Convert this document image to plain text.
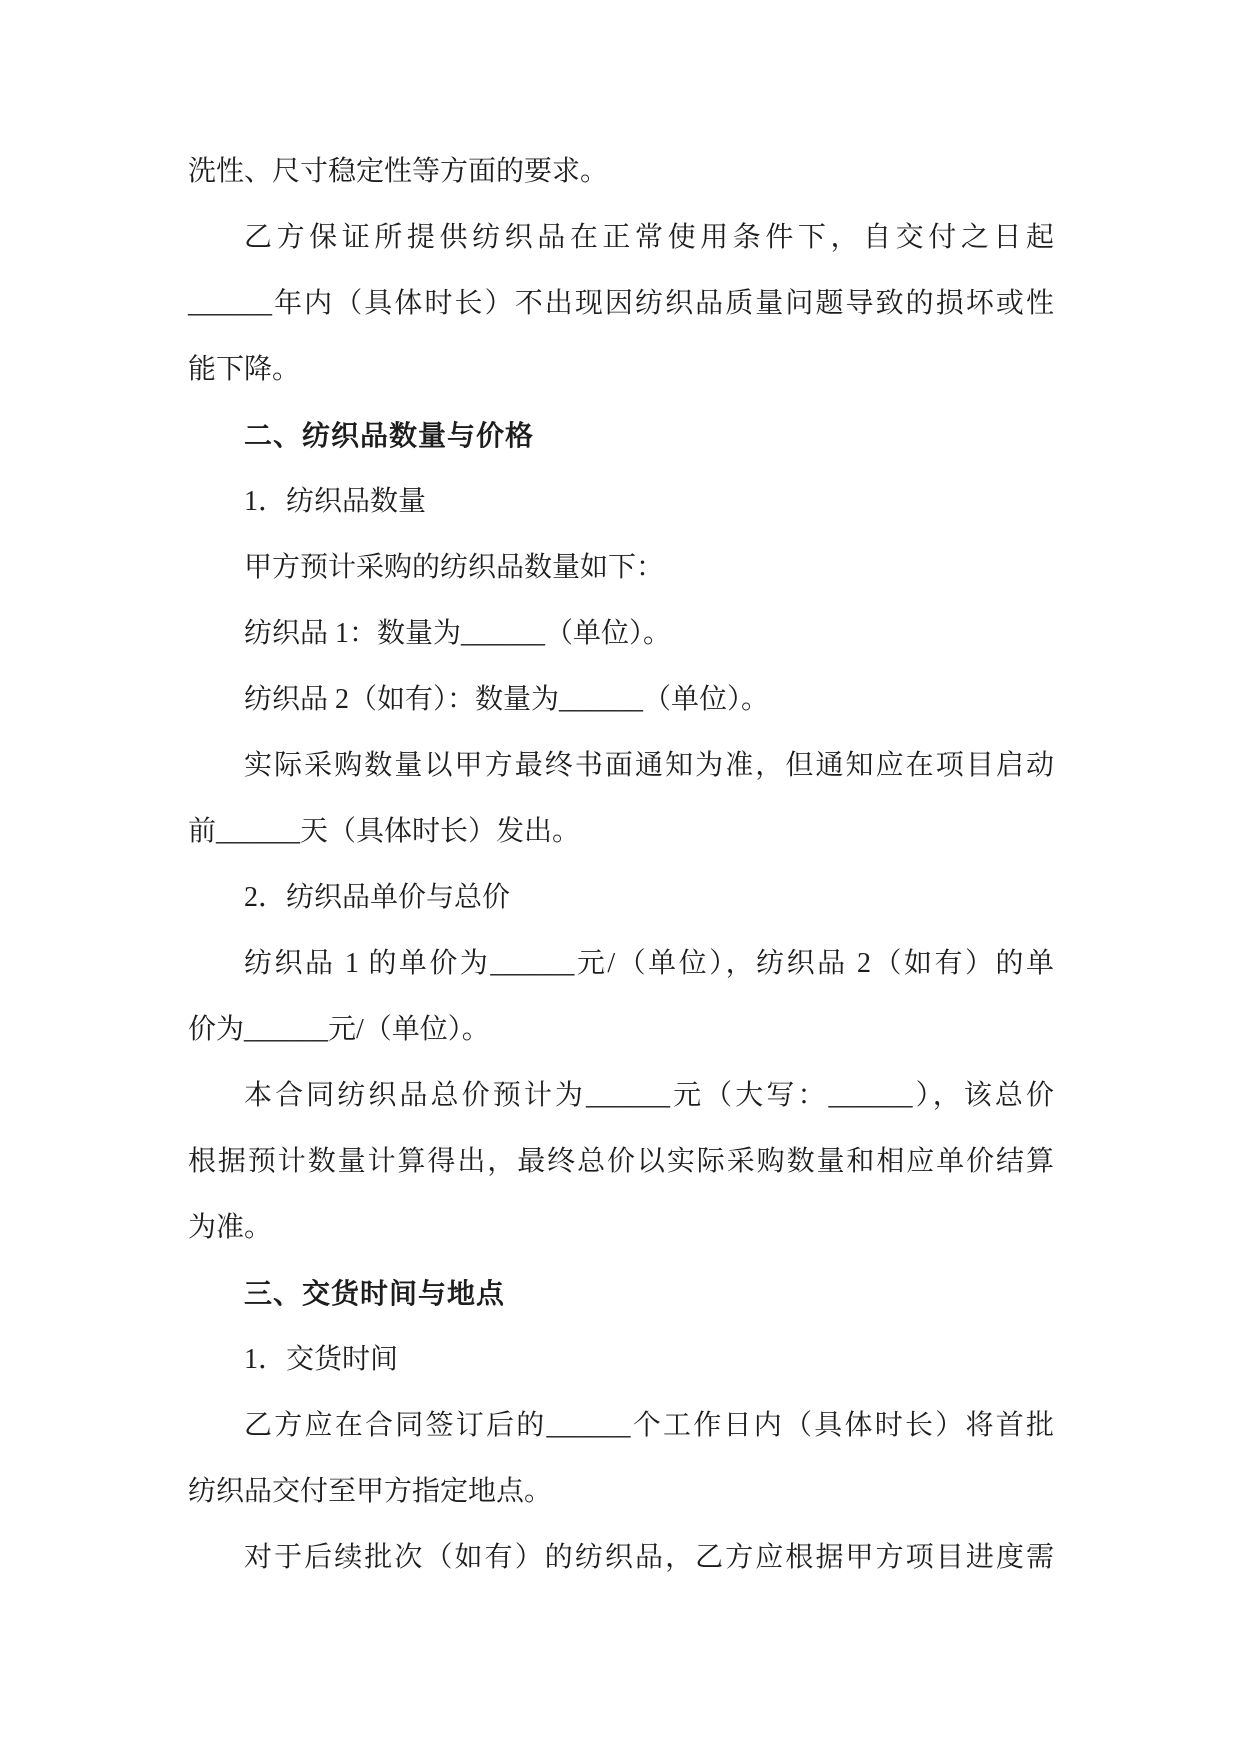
洗性、尺寸稳定性等方面的要求。
乙方保证所提供纺织品在正常使用条件下，自交付之日起
______年内（具体时长）不出现因纺织品质量问题导致的损坏或性
能下降。
二、纺织品数量与价格
1．纺织品数量
甲方预计采购的纺织品数量如下：
纺织品 1：数量为______（单位）。
纺织品 2（如有）：数量为______（单位）。
实际采购数量以甲方最终书面通知为准，但通知应在项目启动
前______天（具体时长）发出。
2．纺织品单价与总价
纺织品 1 的单价为______元/（单位），纺织品 2（如有）的单
价为______元/（单位）。
本合同纺织品总价预计为______元（大写：______），该总价
根据预计数量计算得出，最终总价以实际采购数量和相应单价结算
为准。
三、交货时间与地点
1．交货时间
乙方应在合同签订后的______个工作日内（具体时长）将首批
纺织品交付至甲方指定地点。
对于后续批次（如有）的纺织品，乙方应根据甲方项目进度需
